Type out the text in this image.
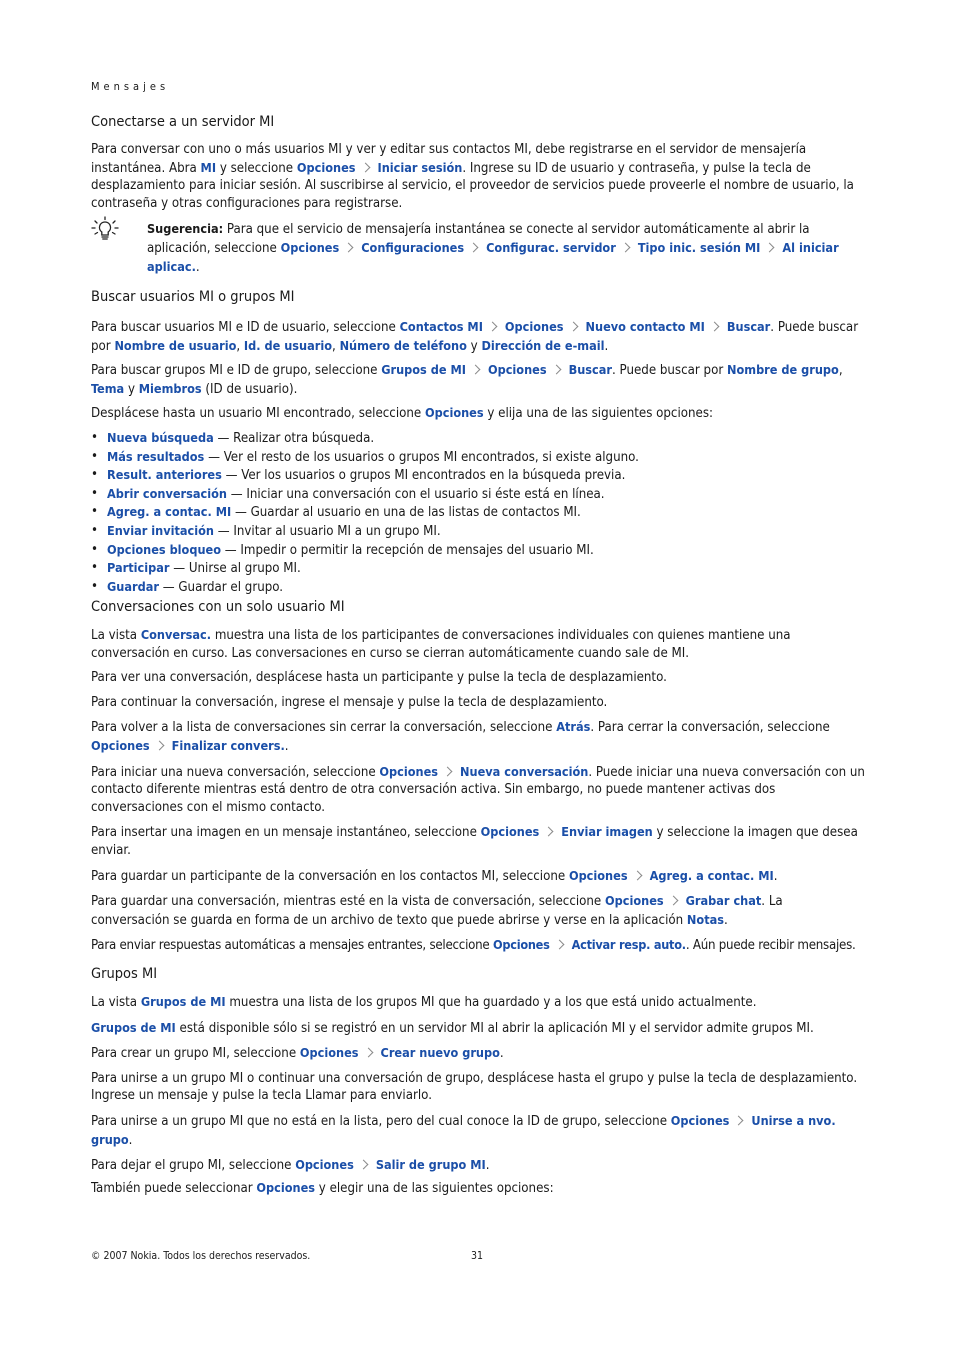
Mensajes
Conectarse a un servidor MI

Para conversar con uno o más usuarios MI y ver y editar sus contactos MI, debe registrarse en el servidor de mensajería instantánea. Abra MI y seleccione Opciones Iniciar sesión. Ingrese su ID de usuario y contraseña, y pulse la tecla de desplazamiento para iniciar sesión. Al suscribirse al servicio, el proveedor de servicios puede proveerle el nombre de usuario, la contraseña y otras configuraciones para registrarse.

Sugerencia: Para que el servicio de mensajería instantánea se conecte al servidor automáticamente al abrir la aplicación, seleccione Opciones Configuraciones Configurac. servidor Tipo inic. sesión MI Al iniciar aplicac..

Buscar usuarios MI o grupos MI

Para buscar usuarios MI e ID de usuario, seleccione Contactos MI Opciones Nuevo contacto MI Buscar. Puede buscar por Nombre de usuario, Id. de usuario, Número de teléfono y Dirección de e-mail.

Para buscar grupos MI e ID de grupo, seleccione Grupos de MI Opciones Buscar. Puede buscar por Nombre de grupo, Tema y Miembros (ID de usuario).

Desplácese hasta un usuario MI encontrado, seleccione Opciones y elija una de las siguientes opciones:

• Nueva búsqueda — Realizar otra búsqueda.
• Más resultados — Ver el resto de los usuarios o grupos MI encontrados, si existe alguno.
• Result. anteriores — Ver los usuarios o grupos MI encontrados en la búsqueda previa.
• Abrir conversación — Iniciar una conversación con el usuario si éste está en línea.
• Agreg. a contac. MI — Guardar al usuario en una de las listas de contactos MI.
• Enviar invitación — Invitar al usuario MI a un grupo MI.
• Opciones bloqueo — Impedir o permitir la recepción de mensajes del usuario MI.
• Participar — Unirse al grupo MI.
• Guardar — Guardar el grupo.
Conversaciones con un solo usuario MI

La vista Conversac. muestra una lista de los participantes de conversaciones individuales con quienes mantiene una conversación en curso. Las conversaciones en curso se cierran automáticamente cuando sale de MI.

Para ver una conversación, desplácese hasta un participante y pulse la tecla de desplazamiento.

Para continuar la conversación, ingrese el mensaje y pulse la tecla de desplazamiento.

Para volver a la lista de conversaciones sin cerrar la conversación, seleccione Atrás. Para cerrar la conversación, seleccione Opciones Finalizar convers..

Para iniciar una nueva conversación, seleccione Opciones Nueva conversación. Puede iniciar una nueva conversación con un contacto diferente mientras está dentro de otra conversación activa. Sin embargo, no puede mantener activas dos conversaciones con el mismo contacto.

Para insertar una imagen en un mensaje instantáneo, seleccione Opciones Enviar imagen y seleccione la imagen que desea enviar.

Para guardar un participante de la conversación en los contactos MI, seleccione Opciones Agreg. a contac. MI.

Para guardar una conversación, mientras esté en la vista de conversación, seleccione Opciones Grabar chat. La conversación se guarda en forma de un archivo de texto que puede abrirse y verse en la aplicación Notas.

Para enviar respuestas automáticas a mensajes entrantes, seleccione Opciones Activar resp. auto.. Aún puede recibir mensajes.

Grupos MI

La vista Grupos de MI muestra una lista de los grupos MI que ha guardado y a los que está unido actualmente.

Grupos de MI está disponible sólo si se registró en un servidor MI al abrir la aplicación MI y el servidor admite grupos MI.

Para crear un grupo MI, seleccione Opciones Crear nuevo grupo.

Para unirse a un grupo MI o continuar una conversación de grupo, desplácese hasta el grupo y pulse la tecla de desplazamiento. Ingrese un mensaje y pulse la tecla Llamar para enviarlo.

Para unirse a un grupo MI que no está en la lista, pero del cual conoce la ID de grupo, seleccione Opciones Unirse a nvo. grupo.

Para dejar el grupo MI, seleccione Opciones Salir de grupo MI.

También puede seleccionar Opciones y elegir una de las siguientes opciones:

© 2007 Nokia. Todos los derechos reservados.	31
